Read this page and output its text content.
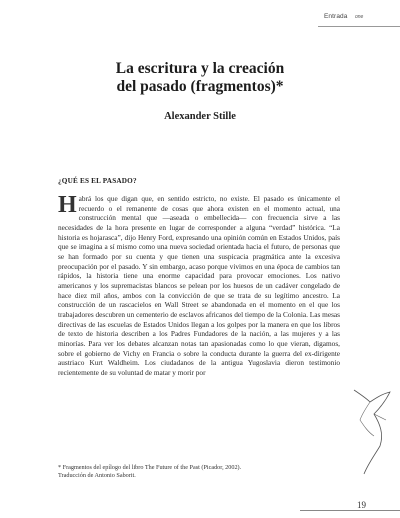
Entrada one
La escritura y la creación
del pasado (fragmentos)*
Alexander Stille
¿QUÉ ES EL PASADO?
H abrá los que digan que, en sentido estricto, no existe. El pasado es únicamente el recuerdo o el remanente de cosas que ahora existen en el momento actual, una construcción mental que —aseada o embellecida— con frecuencia sirve a las necesidades de la hora presente en lugar de corresponder a alguna “verdad” histórica. “La historia es hojarasca”, dijo Henry Ford, expresando una opinión común en Estados Unidos, país que se imagina a sí mismo como una nueva sociedad orientada hacia el futuro, de personas que se han formado por su cuenta y que tienen una suspicacia pragmática ante la excesiva preocupación por el pasado. Y sin embargo, acaso porque vivimos en una época de cambios tan rápidos, la historia tiene una enorme capacidad para provocar emociones. Los nativo americanos y los supremacistas blancos se pelean por los huesos de un cadáver congelado de hace diez mil años, ambos con la convicción de que se trata de su legítimo ancestro. La construcción de un rascacielos en Wall Street se abandonada en el momento en el que los trabajadores descubren un cementerio de esclavos africanos del tiempo de la Colonia. Las mesas directivas de las escuelas de Estados Unidos llegan a los golpes por la manera en que los libros de texto de historia describen a los Padres Fundadores de la nación, a las mujeres y a las minorías. Para ver los debates alcanzan notas tan apasionadas como lo que vieran, digamos, sobre el gobierno de Vichy en Francia o sobre la conducta durante la guerra del ex-dirigente austriaco Kurt Waldheim. Los ciudadanos de la antigua Yugoslavia dieron testimonio recientemente de su voluntad de matar y morir por

* Fragmentos del epílogo del libro The Future of the Past (Picador, 2002).
Traducción de Antonio Saborit.
19
